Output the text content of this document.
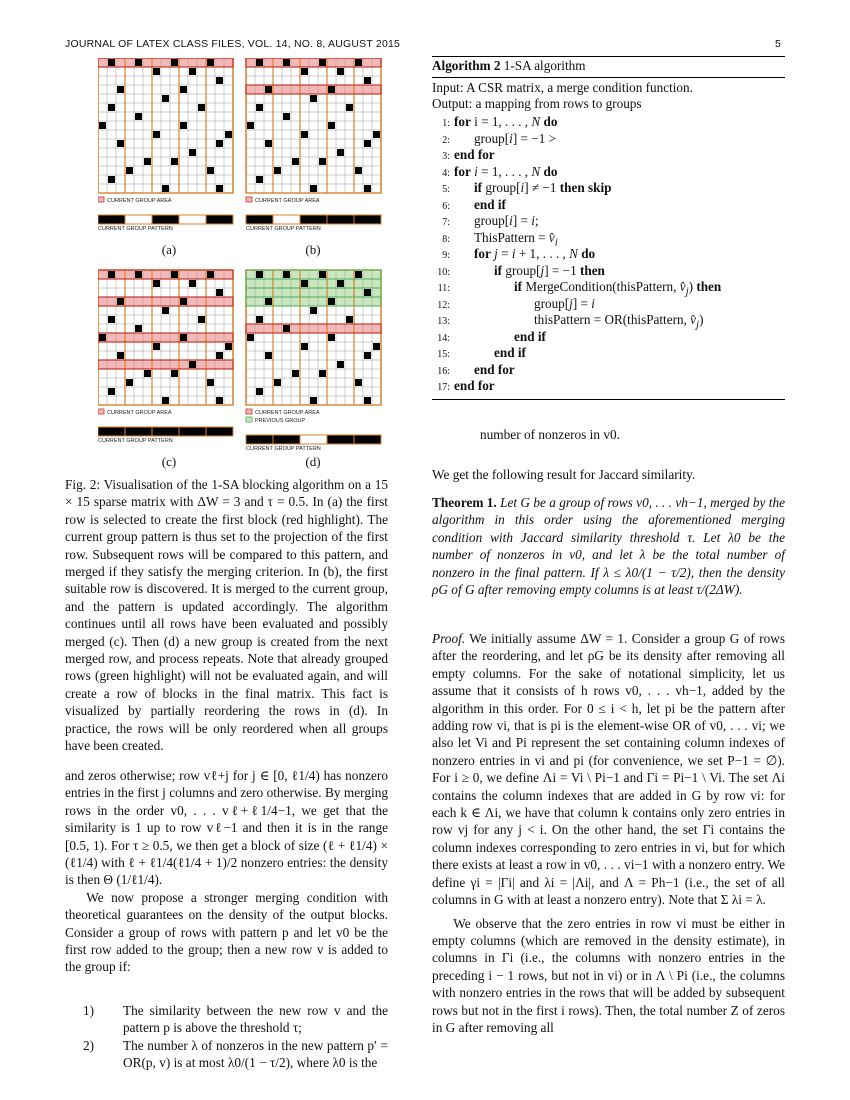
JOURNAL OF LATEX CLASS FILES, VOL. 14, NO. 8, AUGUST 2015	5
CURRENT GROUP AREA
CURRENT GROUP PATTERN
CURRENT GROUP AREA
CURRENT GROUP PATTERN
CURRENT GROUP AREA
CURRENT GROUP PATTERN
CURRENT GROUP AREA
PREVIOUS GROUP
CURRENT GROUP PATTERN
(a)	(b)
(c)	(d)

Fig. 2: Visualisation of the 1-SA blocking algorithm on a 15 × 15 sparse matrix with ΔW = 3 and τ = 0.5. In (a) the first row is selected to create the first block (red highlight). The current group pattern is thus set to the projection of the first row. Subsequent rows will be compared to this pattern, and merged if they satisfy the merging criterion. In (b), the first suitable row is discovered. It is merged to the current group, and the pattern is updated accordingly. The algorithm continues until all rows have been evaluated and possibly merged (c). Then (d) a new group is created from the next merged row, and process repeats. Note that already grouped rows (green highlight) will not be evaluated again, and will create a row of blocks in the final matrix. This fact is visualized by partially reordering the rows in (d). In practice, the rows will be only reordered when all groups have been created.

and zeros otherwise; row vℓ+j for j ∈ [0, ℓ1/4) has nonzero entries in the first j columns and zero otherwise. By merging rows in the order v0, . . . vℓ+ℓ1/4−1, we get that the similarity is 1 up to row vℓ−1 and then it is in the range [0.5, 1). For τ ≥ 0.5, we then get a block of size (ℓ + ℓ1/4) × (ℓ1/4) with ℓ + ℓ1/4(ℓ1/4 + 1)/2 nonzero entries: the density is then Θ (1/ℓ1/4).

We now propose a stronger merging condition with theoretical guarantees on the density of the output blocks. Consider a group of rows with pattern p and let v0 be the first row added to the group; then a new row v is added to the group if:

1)	The similarity between the new row v and the pattern p is above the threshold τ;
2)	The number λ of nonzeros in the new pattern p′ = OR(p, v) is at most λ0/(1 − τ/2), where λ0 is the
Algorithm 2 1-SA algorithm
Input: A CSR matrix, a merge condition function.
Output: a mapping from rows to groups
1: for i = 1, . . . , N do
2: group[i] = −1 >
3: end for
4: for i = 1, . . . , N do
5: if group[i] ≠ −1 then skip
6: end if
7: group[i] = i;
8: ThisPattern = $v̂_i$
9: for j = i + 1, . . . , N do
10:	if group[j] = −1 then
11:	if MergeCondition(thisPattern, $v̂_j$) then
12:	group[j] = i
13:	thisPattern = OR(thisPattern, $v̂_j$)
14:	end if
15:	end if
16: end for
17: end for
number of nonzeros in v0.
We get the following result for Jaccard similarity.

Theorem 1. Let G be a group of rows v0, . . . vh−1, merged by the algorithm in this order using the aforementioned merging condition with Jaccard similarity threshold τ. Let λ0 be the number of nonzeros in v0, and let λ be the total number of nonzero in the final pattern. If λ ≤ λ0/(1 − τ/2), then the density ρG of G after removing empty columns is at least τ/(2ΔW).

Proof. We initially assume ΔW = 1. Consider a group G of rows after the reordering, and let ρG be its density after removing all empty columns. For the sake of notational simplicity, let us assume that it consists of h rows v0, . . . vh−1, added by the algorithm in this order. For 0 ≤ i < h, let pi be the pattern after adding row vi, that is pi is the element-wise OR of v0, . . . vi; we also let Vi and Pi represent the set containing column indexes of nonzero entries in vi and pi (for convenience, we set P−1 = ∅). For i ≥ 0, we define Λi = Vi \ Pi−1 and Γi = Pi−1 \ Vi. The set Λi contains the column indexes that are added in G by row vi: for each k ∈ Λi, we have that column k contains only zero entries in row vj for any j < i. On the other hand, the set Γi contains the column indexes corresponding to zero entries in vi, but for which there exists at least a row in v0, . . . vi−1 with a nonzero entry. We define γi = |Γi| and λi = |Λi|, and Λ = Ph−1 (i.e., the set of all columns in G with at least a nonzero entry). Note that Σ λi = λ.

We observe that the zero entries in row vi must be either in empty columns (which are removed in the density estimate), in columns in Γi (i.e., the columns with nonzero entries in the preceding i − 1 rows, but not in vi) or in Λ \ Pi (i.e., the columns with nonzero entries in the rows that will be added by subsequent rows but not in the first i rows). Then, the total number Z of zeros in G after removing all
